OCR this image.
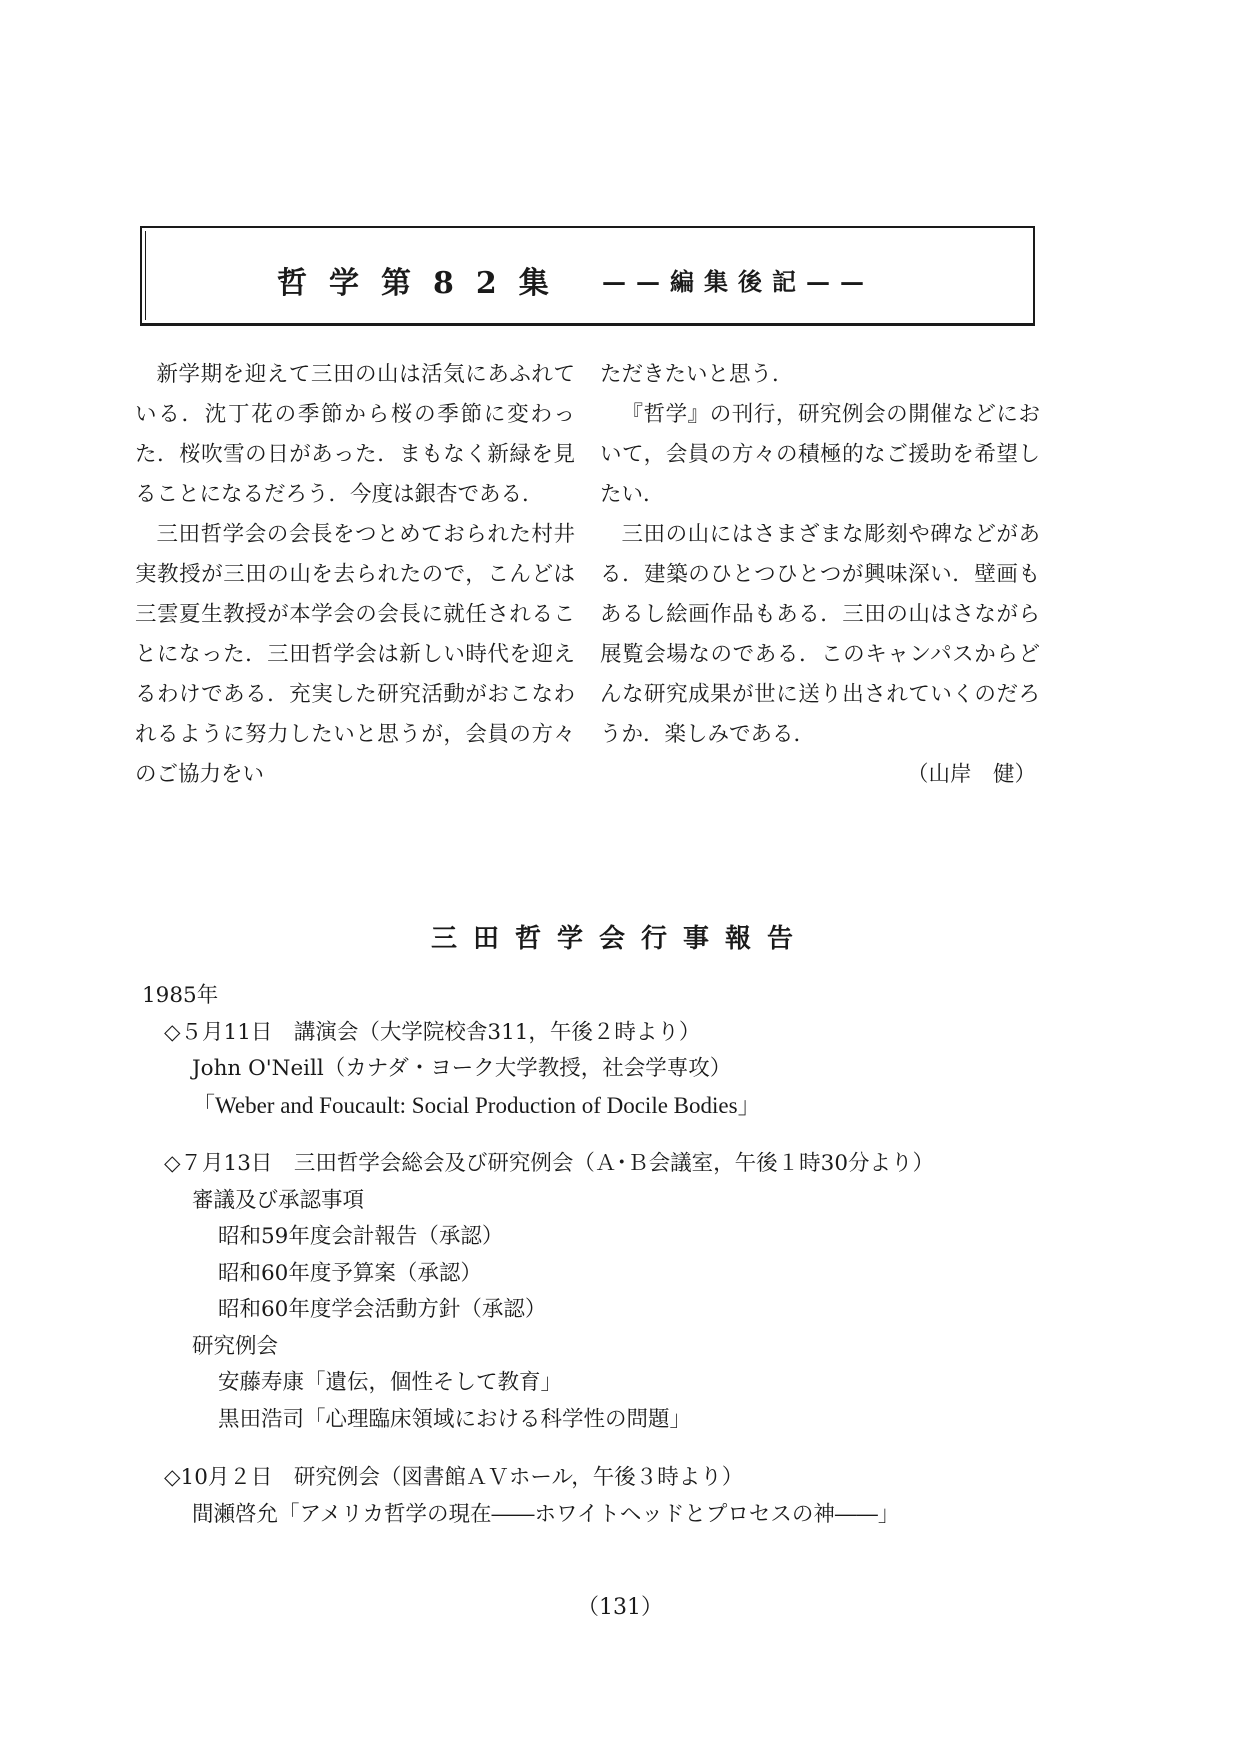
哲学第82集 ——編集後記——

新学期を迎えて三田の山は活気にあふれている．沈丁花の季節から桜の季節に変わった．桜吹雪の日があった．まもなく新緑を見ることになるだろう．今度は銀杏である．

三田哲学会の会長をつとめておられた村井実教授が三田の山を去られたので，こんどは三雲夏生教授が本学会の会長に就任されることになった．三田哲学会は新しい時代を迎えるわけである．充実した研究活動がおこなわれるように努力したいと思うが，会員の方々のご協力をい

ただきたいと思う．

『哲学』の刊行，研究例会の開催などにおいて，会員の方々の積極的なご援助を希望したい．

三田の山にはさまざまな彫刻や碑などがある．建築のひとつひとつが興味深い．壁画もあるし絵画作品もある．三田の山はさながら展覧会場なのである．このキャンパスからどんな研究成果が世に送り出されていくのだろうか．楽しみである．

（山岸　健）

三田哲学会行事報告
1985年
◇５月11日　講演会（大学院校舎311，午後２時より）
John O'Neill（カナダ・ヨーク大学教授，社会学専攻）
「Weber and Foucault: Social Production of Docile Bodies」
◇７月13日　三田哲学会総会及び研究例会（Ａ･Ｂ会議室，午後１時30分より）
審議及び承認事項
昭和59年度会計報告（承認）
昭和60年度予算案（承認）
昭和60年度学会活動方針（承認）
研究例会
安藤寿康「遺伝，個性そして教育」
黒田浩司「心理臨床領域における科学性の問題」
◇10月２日　研究例会（図書館ＡＶホール，午後３時より）
間瀬啓允「アメリカ哲学の現在――ホワイトヘッドとプロセスの神――」
（131）
